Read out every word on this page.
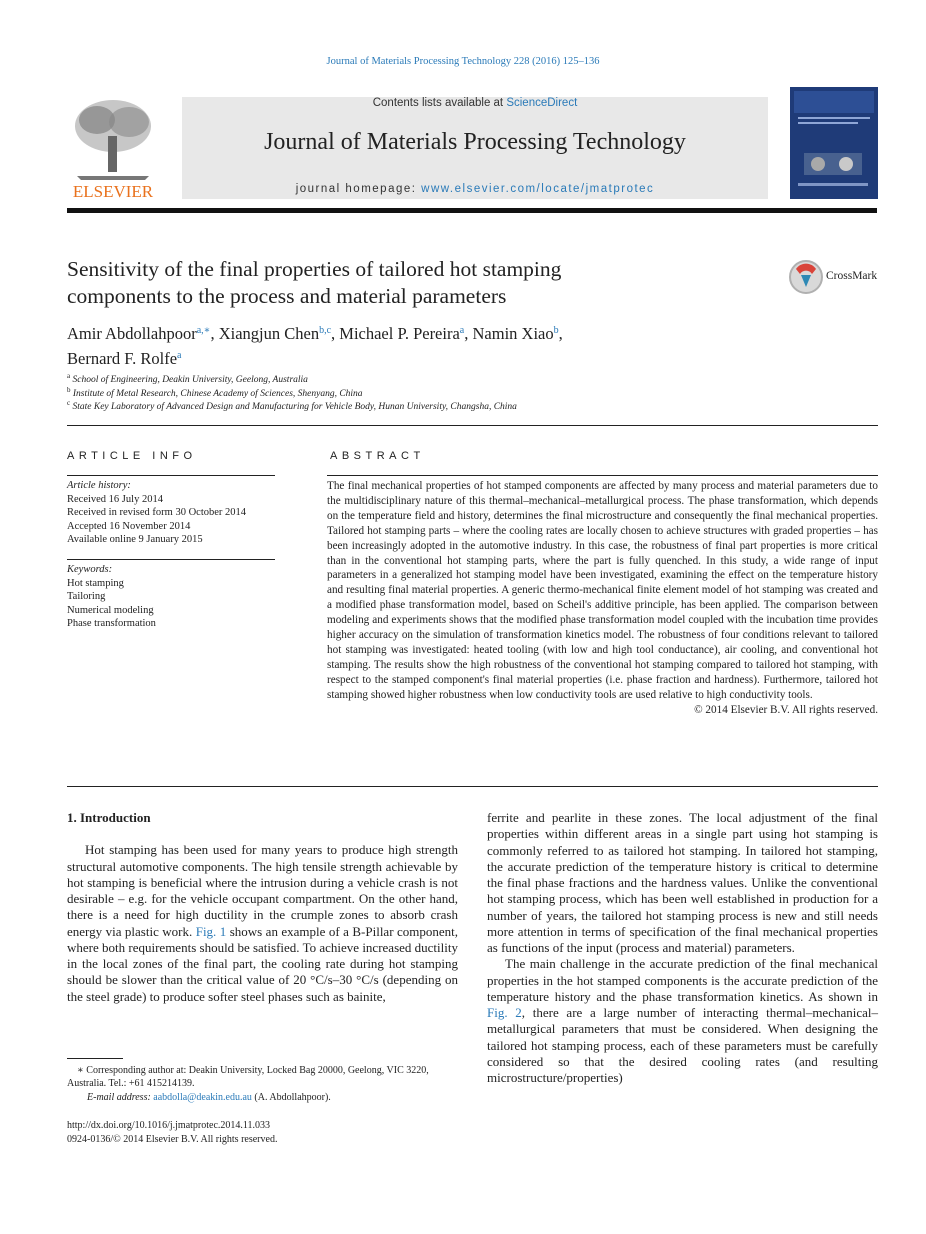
Journal of Materials Processing Technology 228 (2016) 125–136
ELSEVIER
Contents lists available at ScienceDirect
Journal of Materials Processing Technology
journal homepage: www.elsevier.com/locate/jmatprotec
Sensitivity of the final properties of tailored hot stamping
components to the process and material parameters
CrossMark
Amir Abdollahpoor$^{a,∗}$, Xiangjun Chen$^{b,c}$, Michael P. Pereira$^a$, Namin Xiao$^b$,
Bernard F. Rolfe$^a$
$^a$ School of Engineering, Deakin University, Geelong, Australia
$^b$ Institute of Metal Research, Chinese Academy of Sciences, Shenyang, China
$^c$ State Key Laboratory of Advanced Design and Manufacturing for Vehicle Body, Hunan University, Changsha, China
ARTICLE INFO
Article history:
Received 16 July 2014
Received in revised form 30 October 2014
Accepted 16 November 2014
Available online 9 January 2015
Keywords:
Hot stamping
Tailoring
Numerical modeling
Phase transformation
ABSTRACT

The final mechanical properties of hot stamped components are affected by many process and material parameters due to the multidisciplinary nature of this thermal–mechanical–metallurgical process. The phase transformation, which depends on the temperature field and history, determines the final microstructure and consequently the final mechanical properties. Tailored hot stamping parts – where the cooling rates are locally chosen to achieve structures with graded properties – has been increasingly adopted in the automotive industry. In this case, the robustness of final part properties is more critical than in the conventional hot stamping parts, where the part is fully quenched. In this study, a wide range of input parameters in a generalized hot stamping model have been investigated, examining the effect on the temperature history and resulting final material properties. A generic thermo-mechanical finite element model of hot stamping was created and a modified phase transformation model, based on Scheil's additive principle, has been applied. The comparison between modeling and experiments shows that the modified phase transformation model coupled with the incubation time provides higher accuracy on the simulation of transformation kinetics model. The robustness of four conditions relevant to tailored hot stamping was investigated: heated tooling (with low and high tool conductance), air cooling, and conventional hot stamping. The results show the high robustness of the conventional hot stamping compared to tailored hot stamping, with respect to the stamped component's final material properties (i.e. phase fraction and hardness). Furthermore, tailored hot stamping showed higher robustness when low conductivity tools are used relative to high conductivity tools.

© 2014 Elsevier B.V. All rights reserved.

1. Introduction

Hot stamping has been used for many years to produce high strength structural automotive components. The high tensile strength achievable by hot stamping is beneficial where the intrusion during a vehicle crash is not desirable – e.g. for the vehicle occupant compartment. On the other hand, there is a need for high ductility in the crumple zones to absorb crash energy via plastic work. Fig. 1 shows an example of a B-Pillar component, where both requirements should be satisfied. To achieve increased ductility in the local zones of the final part, the cooling rate during hot stamping should be slower than the critical value of 20 °C/s–30 °C/s (depending on the steel grade) to produce softer steel phases such as bainite,

ferrite and pearlite in these zones. The local adjustment of the final properties within different areas in a single part using hot stamping is commonly referred to as tailored hot stamping. In tailored hot stamping, the accurate prediction of the temperature history is critical to determine the final phase fractions and the hardness values. Unlike the conventional hot stamping process, which has been well established in production for a number of years, the tailored hot stamping process is new and still needs more attention in terms of specification of the final mechanical properties as functions of the input (process and material) parameters.

The main challenge in the accurate prediction of the final mechanical properties in the hot stamped components is the accurate prediction of the temperature history and the phase transformation kinetics. As shown in Fig. 2, there are a large number of interacting thermal–mechanical–metallurgical parameters that must be considered. When designing the tailored hot stamping process, each of these parameters must be carefully considered so that the desired cooling rates (and resulting microstructure/properties)

∗ Corresponding author at: Deakin University, Locked Bag 20000, Geelong, VIC 3220, Australia. Tel.: +61 415214139.
E-mail address: aabdolla@deakin.edu.au (A. Abdollahpoor).
http://dx.doi.org/10.1016/j.jmatprotec.2014.11.033
0924-0136/© 2014 Elsevier B.V. All rights reserved.
